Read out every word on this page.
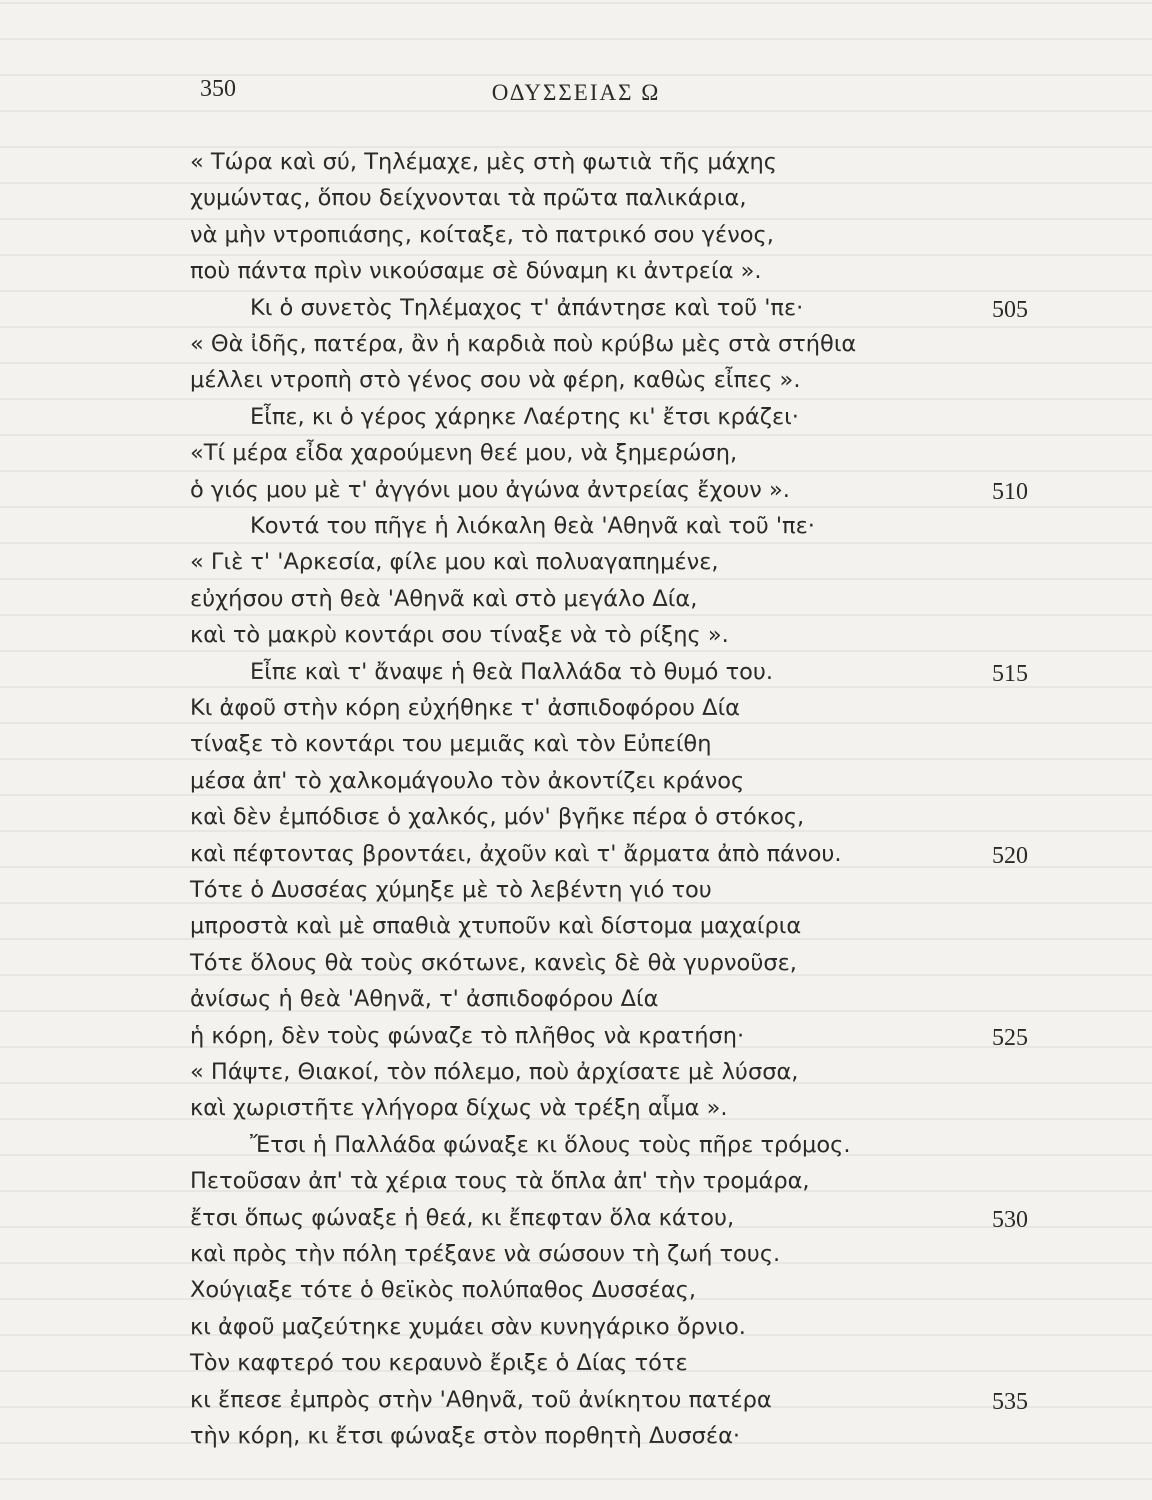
350	ΟΔΥΣΣΕΙΑΣ Ω
« Τώρα καὶ σύ, Τηλέμαχε, μὲς στὴ φωτιὰ τῆς μάχης
χυμώντας, ὅπου δείχνονται τὰ πρῶτα παλικάρια,
νὰ μὴν ντροπιάσης, κοίταξε, τὸ πατρικό σου γένος,
ποὺ πάντα πρὶν νικούσαμε σὲ δύναμη κι ἀντρεία ».
Κι ὁ συνετὸς Τηλέμαχος τ' ἀπάντησε καὶ τοῦ 'πε·	505
« Θὰ ἰδῆς, πατέρα, ἂν ἡ καρδιὰ ποὺ κρύβω μὲς στὰ στήθια
μέλλει ντροπὴ στὸ γένος σου νὰ φέρη, καθὼς εἶπες ».
Εἶπε, κι ὁ γέρος χάρηκε Λαέρτης κι' ἔτσι κράζει·
«Τί μέρα εἶδα χαρούμενη θεέ μου, νὰ ξημερώση,
ὁ γιός μου μὲ τ' ἀγγόνι μου ἀγώνα ἀντρείας ἔχουν ».	510
Κοντά του πῆγε ἡ λιόκαλη θεὰ 'Αθηνᾶ καὶ τοῦ 'πε·
« Γιὲ τ' 'Αρκεσία, φίλε μου καὶ πολυαγαπημένε,
εὐχήσου στὴ θεὰ 'Αθηνᾶ καὶ στὸ μεγάλο Δία,
καὶ τὸ μακρὺ κοντάρι σου τίναξε νὰ τὸ ρίξης ».
Εἶπε καὶ τ' ἄναψε ἡ θεὰ Παλλάδα τὸ θυμό του.	515
Κι ἀφοῦ στὴν κόρη εὐχήθηκε τ' ἀσπιδοφόρου Δία
τίναξε τὸ κοντάρι του μεμιᾶς καὶ τὸν Εὐπείθη
μέσα ἀπ' τὸ χαλκομάγουλο τὸν ἀκοντίζει κράνος
καὶ δὲν ἐμπόδισε ὁ χαλκός, μόν' βγῆκε πέρα ὁ στόκος,
καὶ πέφτοντας βροντάει, ἀχοῦν καὶ τ' ἄρματα ἀπὸ πάνου.	520
Τότε ὁ Δυσσέας χύμηξε μὲ τὸ λεβέντη γιό του
μπροστὰ καὶ μὲ σπαθιὰ χτυποῦν καὶ δίστομα μαχαίρια
Τότε ὅλους θὰ τοὺς σκότωνε, κανεὶς δὲ θὰ γυρνοῦσε,
ἀνίσως ἡ θεὰ 'Αθηνᾶ, τ' ἀσπιδοφόρου Δία
ἡ κόρη, δὲν τοὺς φώναζε τὸ πλῆθος νὰ κρατήση·	525
« Πάψτε, Θιακοί, τὸν πόλεμο, ποὺ ἀρχίσατε μὲ λύσσα,
καὶ χωριστῆτε γλήγορα δίχως νὰ τρέξη αἷμα ».
Ἔτσι ἡ Παλλάδα φώναξε κι ὅλους τοὺς πῆρε τρόμος.
Πετοῦσαν ἀπ' τὰ χέρια τους τὰ ὅπλα ἀπ' τὴν τρομάρα,
ἔτσι ὅπως φώναξε ἡ θεά, κι ἔπεφταν ὅλα κάτου,	530
καὶ πρὸς τὴν πόλη τρέξανε νὰ σώσουν τὴ ζωή τους.
Χούγιαξε τότε ὁ θεϊκὸς πολύπαθος Δυσσέας,
κι ἀφοῦ μαζεύτηκε χυμάει σὰν κυνηγάρικο ὄρνιο.
Τὸν καφτερό του κεραυνὸ ἔριξε ὁ Δίας τότε
κι ἔπεσε ἐμπρὸς στὴν 'Αθηνᾶ, τοῦ ἀνίκητου πατέρα	535
τὴν κόρη, κι ἔτσι φώναξε στὸν πορθητὴ Δυσσέα·
